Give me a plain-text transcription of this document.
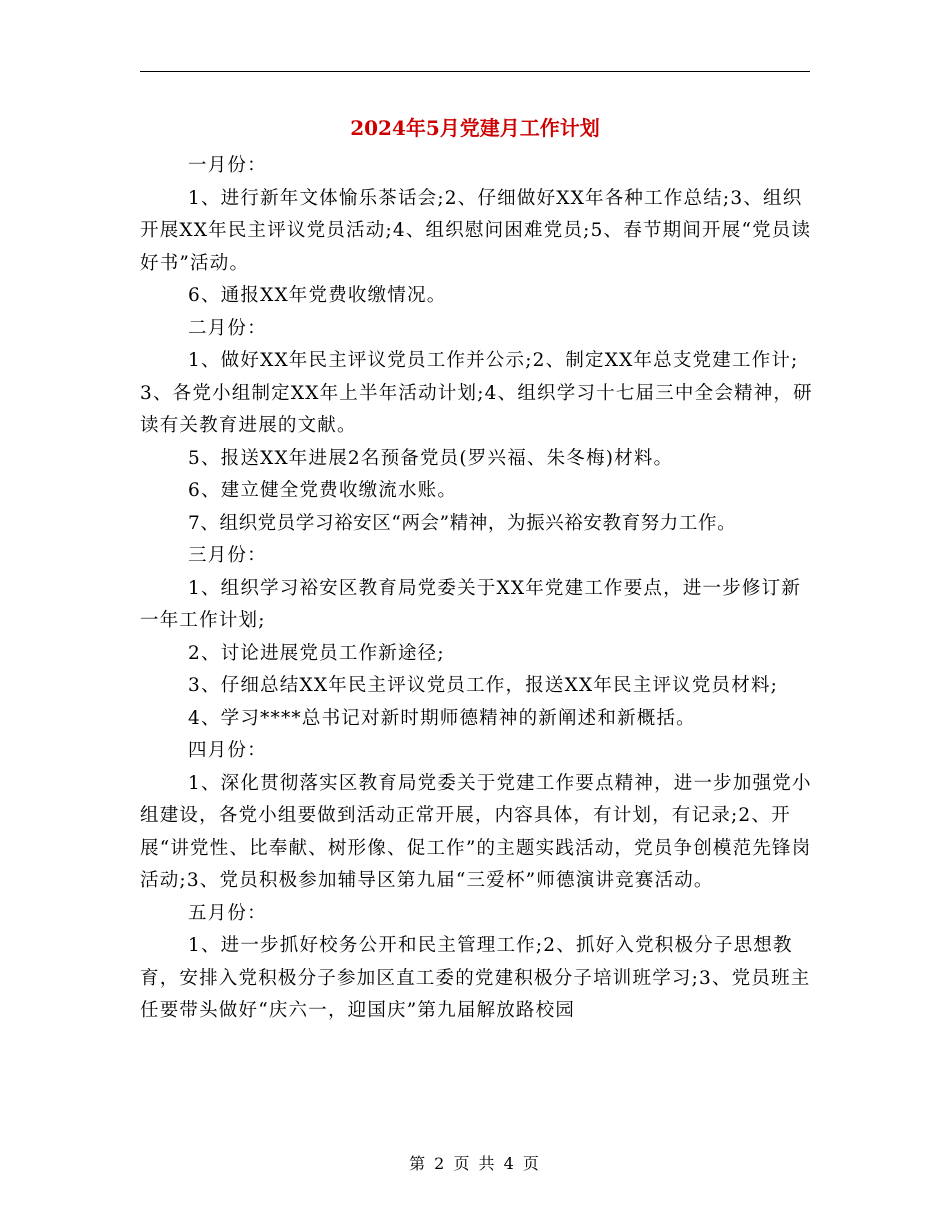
2024年5月党建月工作计划

一月份：

1、进行新年文体愉乐茶话会;2、仔细做好XX年各种工作总结;3、组织开展XX年民主评议党员活动;4、组织慰问困难党员;5、春节期间开展“党员读好书”活动。

6、通报XX年党费收缴情况。

二月份：

1、做好XX年民主评议党员工作并公示;2、制定XX年总支党建工作计;3、各党小组制定XX年上半年活动计划;4、组织学习十七届三中全会精神，研读有关教育进展的文献。

5、报送XX年进展2名预备党员(罗兴福、朱冬梅)材料。

6、建立健全党费收缴流水账。

7、组织党员学习裕安区“两会”精神，为振兴裕安教育努力工作。

三月份：

1、组织学习裕安区教育局党委关于XX年党建工作要点，进一步修订新一年工作计划;

2、讨论进展党员工作新途径;

3、仔细总结XX年民主评议党员工作，报送XX年民主评议党员材料;

4、学习****总书记对新时期师德精神的新阐述和新概括。

四月份：

1、深化贯彻落实区教育局党委关于党建工作要点精神，进一步加强党小组建设，各党小组要做到活动正常开展，内容具体，有计划，有记录;2、开展“讲党性、比奉献、树形像、促工作”的主题实践活动，党员争创模范先锋岗活动;3、党员积极参加辅导区第九届“三爱杯”师德演讲竞赛活动。

五月份：

1、进一步抓好校务公开和民主管理工作;2、抓好入党积极分子思想教育，安排入党积极分子参加区直工委的党建积极分子培训班学习;3、党员班主任要带头做好“庆六一，迎国庆”第九届解放路校园

第 2 页 共 4 页
